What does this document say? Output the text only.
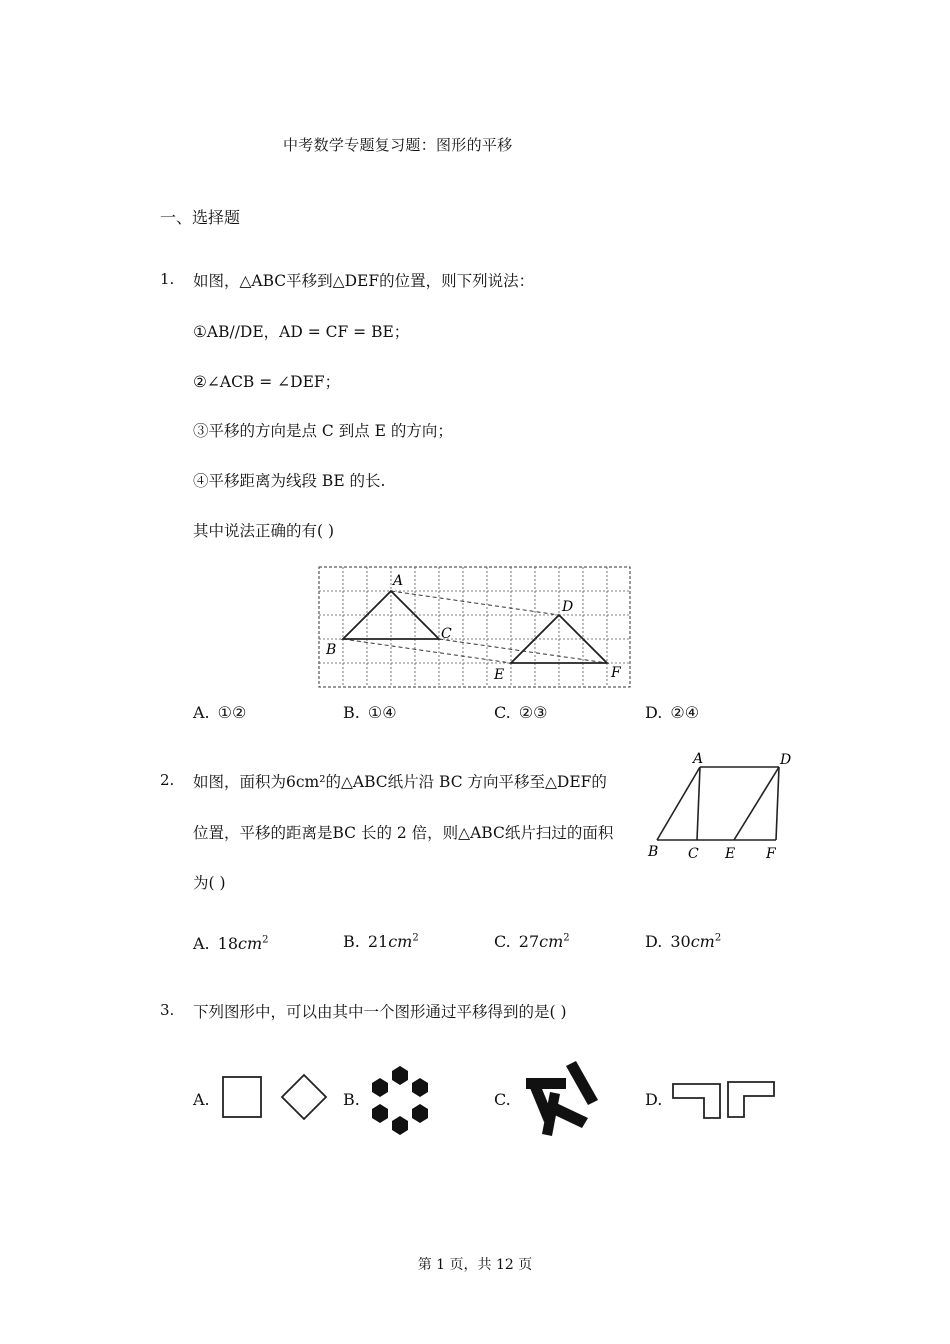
中考数学专题复习题：图形的平移
一、选择题
1. 如图，△ABC平移到△DEF的位置，则下列说法：
①AB//DE，AD = CF = BE；
②∠ACB = ∠DEF；
③平移的方向是点 C 到点 E 的方向；
④平移距离为线段 BE 的长.
其中说法正确的有( )
A
B
C
D
E	F
A. ①②	B. ①④	C. ②③	D. ②④
2. 如图，面积为6cm²的△ABC纸片沿 BC 方向平移至△DEF的
位置，平移的距离是BC 长的 2 倍，则△ABC纸片扫过的面积
为( )
A	D
B C E F
A. $18cm^2$	B. $21cm^2$	C. $27cm^2$	D. $30cm^2$
3. 下列图形中，可以由其中一个图形通过平移得到的是( )
A.	B.	C.	D.
第 1 页，共 12 页
